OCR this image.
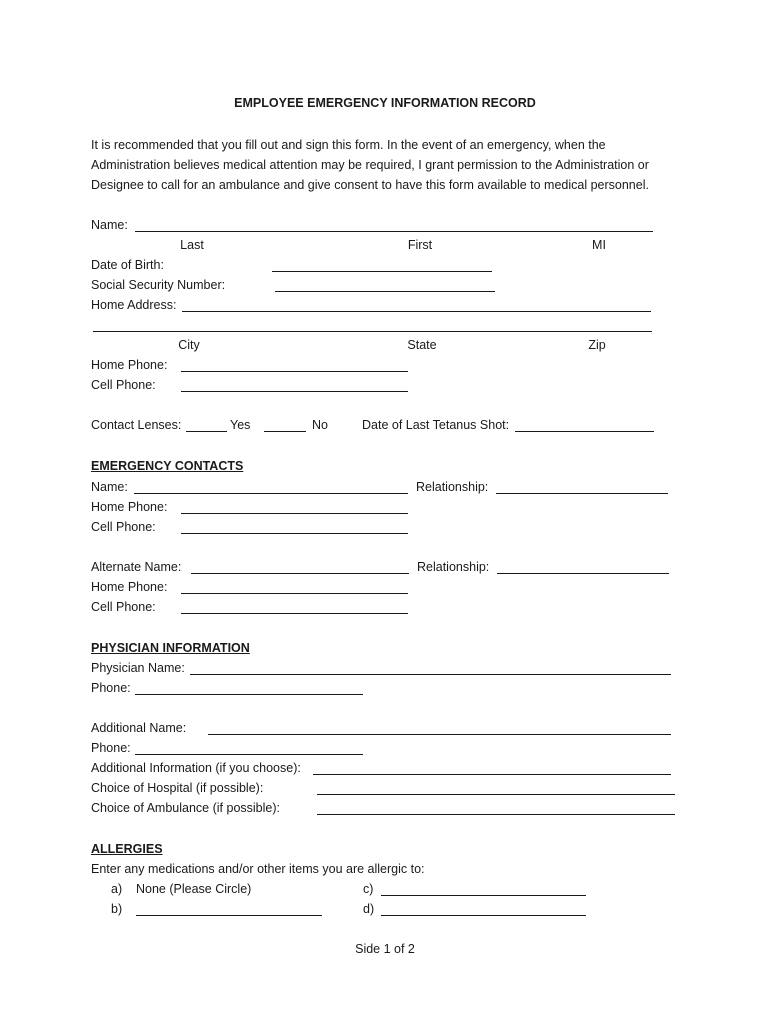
EMPLOYEE EMERGENCY INFORMATION RECORD
It is recommended that you fill out and sign this form. In the event of an emergency, when the
Administration believes medical attention may be required, I grant permission to the Administration or
Designee to call for an ambulance and give consent to have this form available to medical personnel.
Name:
Last	First	MI
Date of Birth:
Social Security Number:
Home Address:
City	State	Zip
Home Phone:
Cell Phone:
Contact Lenses:	Yes	No	Date of Last Tetanus Shot:
EMERGENCY CONTACTS
Name:	Relationship:
Home Phone:
Cell Phone:
Alternate Name:	Relationship:
Home Phone:
Cell Phone:
PHYSICIAN INFORMATION
Physician Name:
Phone:
Additional Name:
Phone:
Additional Information (if you choose):
Choice of Hospital (if possible):
Choice of Ambulance (if possible):
ALLERGIES
Enter any medications and/or other items you are allergic to:
a) None (Please Circle)	c)
b)	d)
Side 1 of 2
